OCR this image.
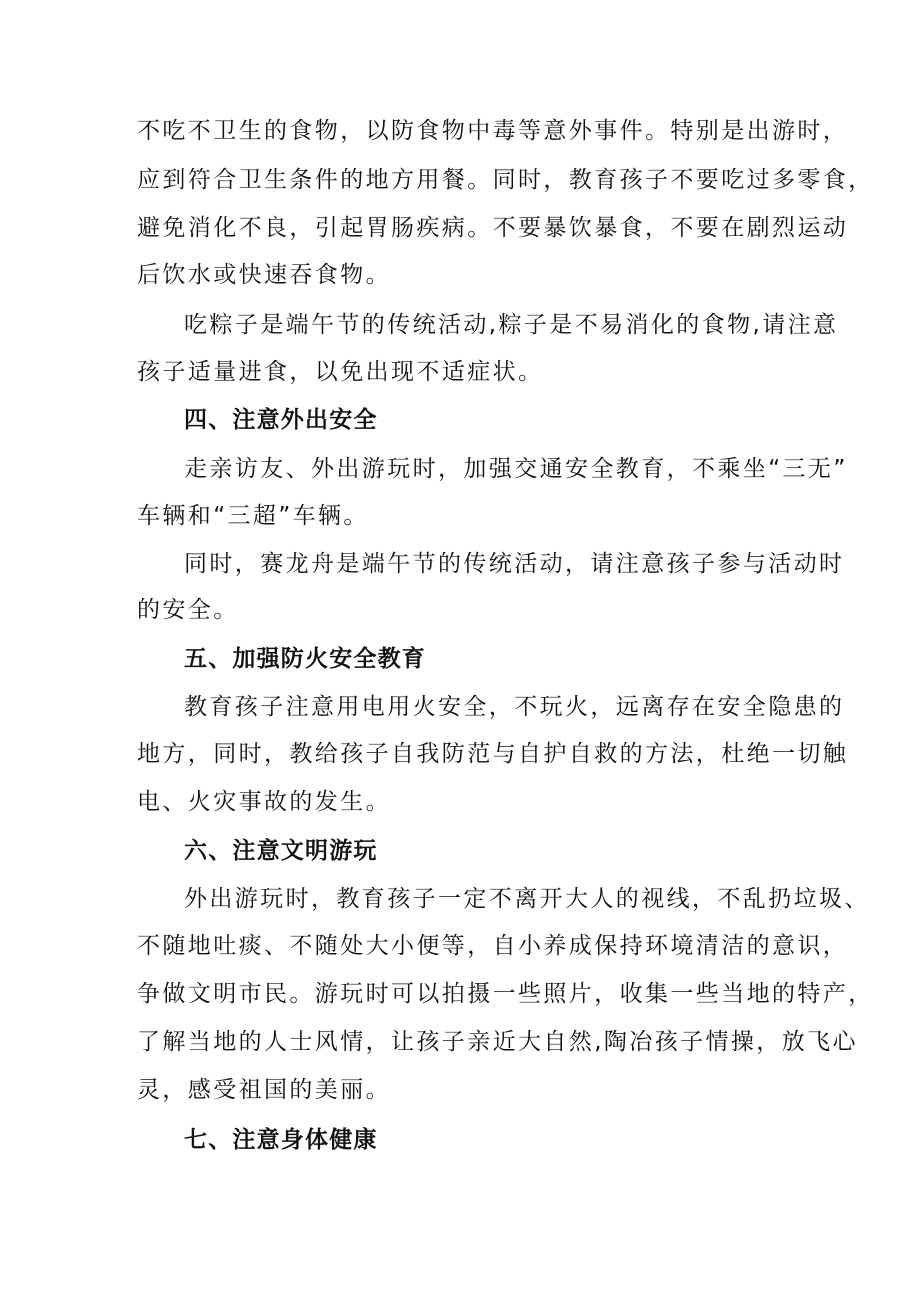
不吃不卫生的食物，以防食物中毒等意外事件。特别是出游时，

应到符合卫生条件的地方用餐。同时，教育孩子不要吃过多零食，

避免消化不良，引起胃肠疾病。不要暴饮暴食，不要在剧烈运动

后饮水或快速吞食物。

吃粽子是端午节的传统活动,粽子是不易消化的食物,请注意

孩子适量进食，以免出现不适症状。

四、注意外出安全

走亲访友、外出游玩时，加强交通安全教育，不乘坐“三无”

车辆和“三超”车辆。

同时，赛龙舟是端午节的传统活动，请注意孩子参与活动时

的安全。

五、加强防火安全教育

教育孩子注意用电用火安全，不玩火，远离存在安全隐患的

地方，同时，教给孩子自我防范与自护自救的方法，杜绝一切触

电、火灾事故的发生。

六、注意文明游玩

外出游玩时，教育孩子一定不离开大人的视线，不乱扔垃圾、

不随地吐痰、不随处大小便等，自小养成保持环境清洁的意识，

争做文明市民。游玩时可以拍摄一些照片，收集一些当地的特产，

了解当地的人士风情，让孩子亲近大自然,陶冶孩子情操，放飞心

灵，感受祖国的美丽。

七、注意身体健康
